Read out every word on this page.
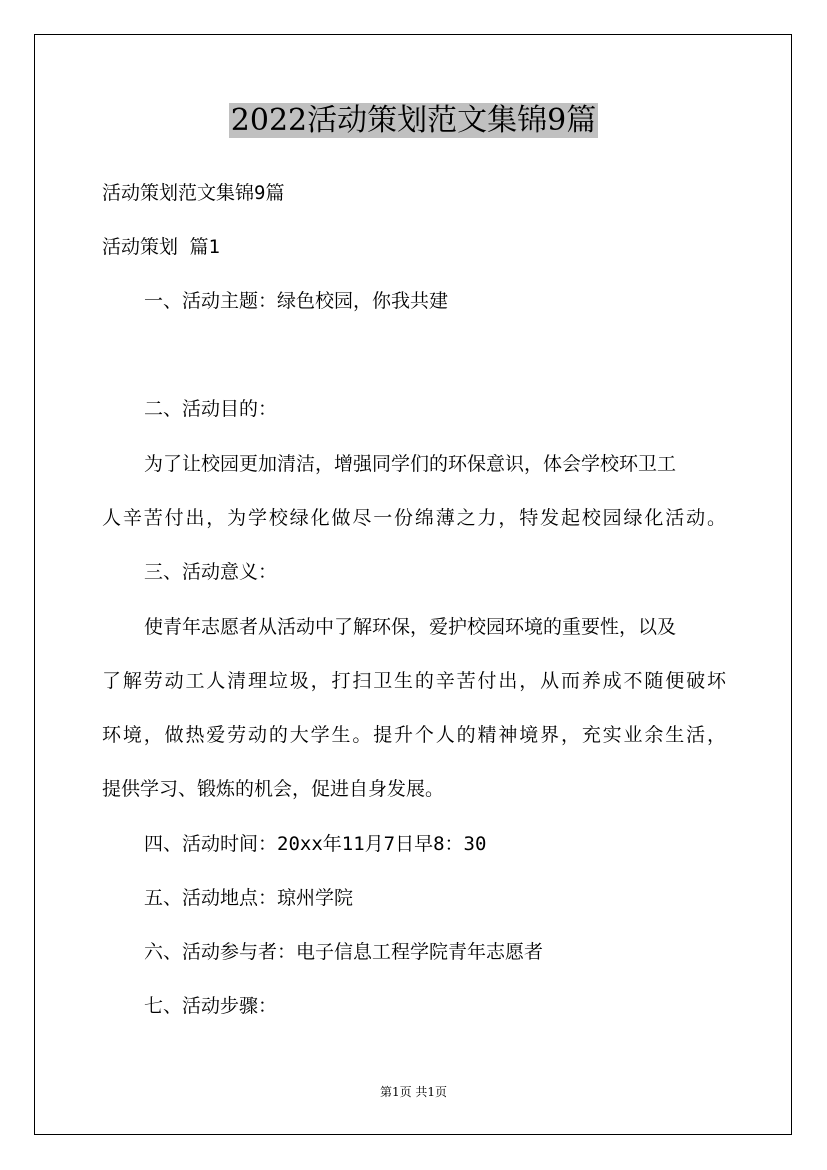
2022活动策划范文集锦9篇
活动策划范文集锦9篇
活动策划 篇1
一、活动主题：绿色校园，你我共建
二、活动目的：
为了让校园更加清洁，增强同学们的环保意识，体会学校环卫工
人辛苦付出，为学校绿化做尽一份绵薄之力，特发起校园绿化活动。
三、活动意义：
使青年志愿者从活动中了解环保，爱护校园环境的重要性，以及
了解劳动工人清理垃圾，打扫卫生的辛苦付出，从而养成不随便破坏
环境，做热爱劳动的大学生。提升个人的精神境界，充实业余生活，
提供学习、锻炼的机会，促进自身发展。
四、活动时间：20xx年11月7日早8：30
五、活动地点：琼州学院
六、活动参与者：电子信息工程学院青年志愿者
七、活动步骤：
第1页 共1页
